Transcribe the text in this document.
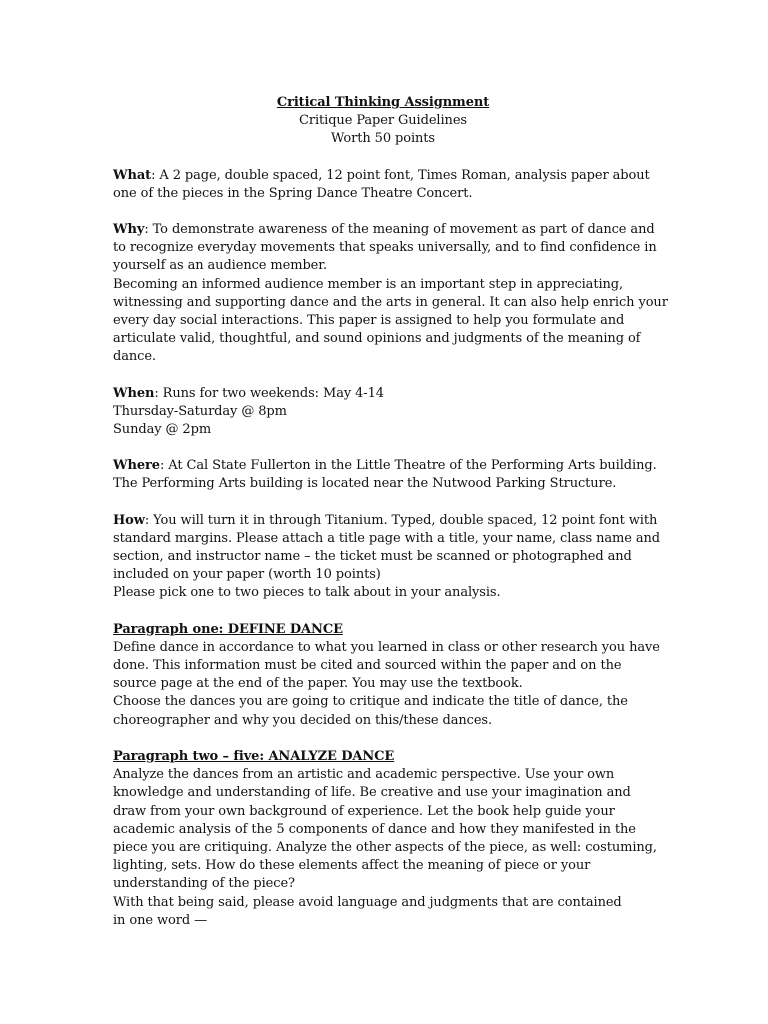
Critical Thinking Assignment
Critique Paper Guidelines
Worth 50 points
What: A 2 page, double spaced, 12 point font, Times Roman, analysis paper about
one of the pieces in the Spring Dance Theatre Concert.
Why: To demonstrate awareness of the meaning of movement as part of dance and
to recognize everyday movements that speaks universally, and to find confidence in
yourself as an audience member.
Becoming an informed audience member is an important step in appreciating,
witnessing and supporting dance and the arts in general. It can also help enrich your
every day social interactions. This paper is assigned to help you formulate and
articulate valid, thoughtful, and sound opinions and judgments of the meaning of
dance.
When: Runs for two weekends: May 4-14
Thursday-Saturday @ 8pm
Sunday @ 2pm
Where: At Cal State Fullerton in the Little Theatre of the Performing Arts building.
The Performing Arts building is located near the Nutwood Parking Structure.
How: You will turn it in through Titanium. Typed, double spaced, 12 point font with
standard margins. Please attach a title page with a title, your name, class name and
section, and instructor name – the ticket must be scanned or photographed and
included on your paper (worth 10 points)
Please pick one to two pieces to talk about in your analysis.
Paragraph one: DEFINE DANCE
Define dance in accordance to what you learned in class or other research you have
done. This information must be cited and sourced within the paper and on the
source page at the end of the paper. You may use the textbook.
Choose the dances you are going to critique and indicate the title of dance, the
choreographer and why you decided on this/these dances.
Paragraph two – five: ANALYZE DANCE
Analyze the dances from an artistic and academic perspective. Use your own
knowledge and understanding of life. Be creative and use your imagination and
draw from your own background of experience. Let the book help guide your
academic analysis of the 5 components of dance and how they manifested in the
piece you are critiquing. Analyze the other aspects of the piece, as well: costuming,
lighting, sets. How do these elements affect the meaning of piece or your
understanding of the piece?
With that being said, please avoid language and judgments that are contained
in one word —
